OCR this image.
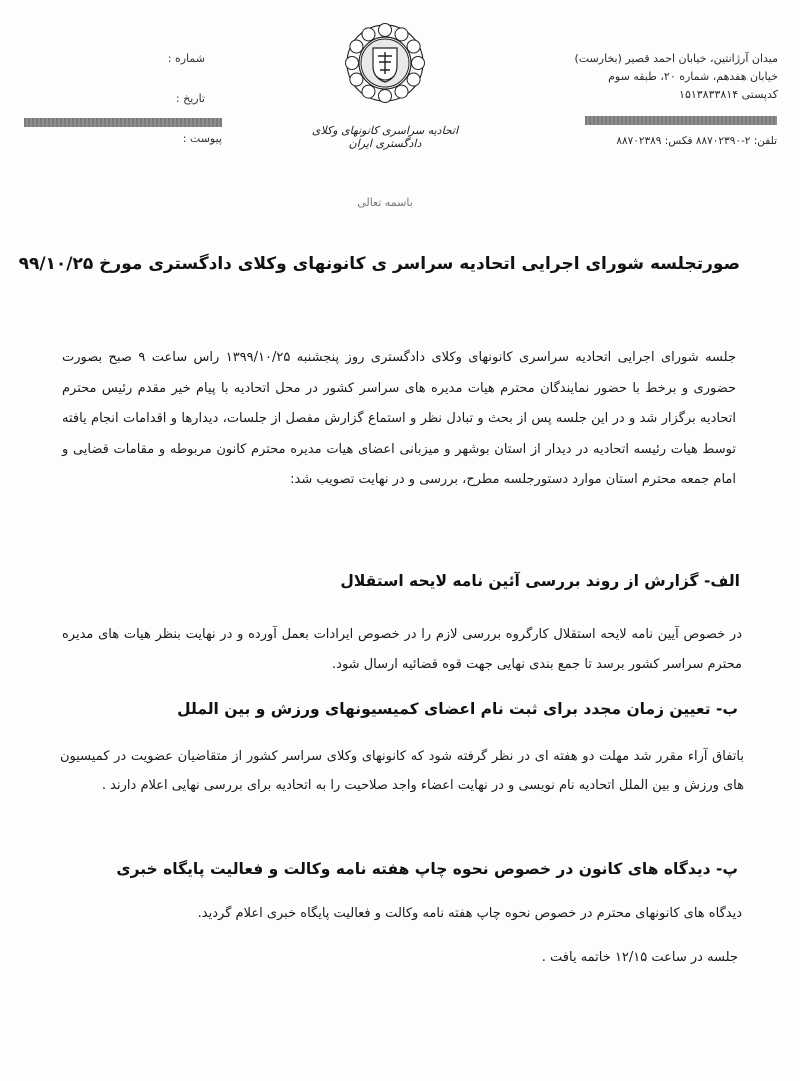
میدان آرژانتین، خیابان احمد قصیر (بخارست)
خیابان هفدهم، شماره ۲۰، طبقه سوم
کدپستی ۱۵۱۳۸۳۳۸۱۴
تلفن: ۲-۸۸۷۰۲۳۹۰ فکس: ۸۸۷۰۲۳۸۹
شماره :
تاریخ :
پیوست :
اتحادیه سراسری کانونهای وکلای دادگستری ایران
باسمه تعالی
صورتجلسه شورای اجرایی اتحادیه سراسر ی کانونهای وکلای دادگستری مورخ ۹۹/۱۰/۲۵
جلسه شورای اجرایی اتحادیه سراسری کانونهای وکلای دادگستری روز پنجشنبه ۱۳۹۹/۱۰/۲۵ راس ساعت ۹ صبح بصورت حضوری و برخط با حضور نمایندگان محترم هیات مدیره های سراسر کشور در محل اتحادیه با پیام خیر مقدم رئیس محترم اتحادیه برگزار شد و در این جلسه پس از بحث و تبادل نظر و استماع گزارش مفصل از جلسات، دیدارها و اقدامات انجام یافته توسط هیات رئیسه اتحادیه در دیدار از استان بوشهر و میزبانی اعضای هیات مدیره محترم کانون مربوطه و مقامات قضایی و امام جمعه محترم استان موارد دستورجلسه مطرح، بررسی و در نهایت تصویب شد:
الف- گزارش از روند بررسی آئین نامه لایحه استقلال
در خصوص آیین نامه لایحه استقلال کارگروه بررسی لازم را در خصوص ایرادات بعمل آورده و در نهایت بنظر هیات های مدیره محترم سراسر کشور برسد تا جمع بندی نهایی جهت قوه قضائیه ارسال شود.
ب- تعیین زمان مجدد برای ثبت نام اعضای کمیسیونهای ورزش و بین الملل
باتفاق آراء مقرر شد مهلت دو هفته ای در نظر گرفته شود که کانونهای وکلای سراسر کشور از متقاضیان عضویت در کمیسیون های ورزش و بین الملل اتحادیه نام نویسی و در نهایت اعضاء واجد صلاحیت را به اتحادیه برای بررسی نهایی اعلام دارند .
پ- دیدگاه های کانون در خصوص نحوه چاپ هفته نامه وکالت و فعالیت پایگاه خبری
دیدگاه های کانونهای محترم در خصوص نحوه چاپ هفته نامه وکالت و فعالیت پایگاه خبری اعلام گردید.
جلسه در ساعت ۱۲/۱۵ خاتمه یافت .
